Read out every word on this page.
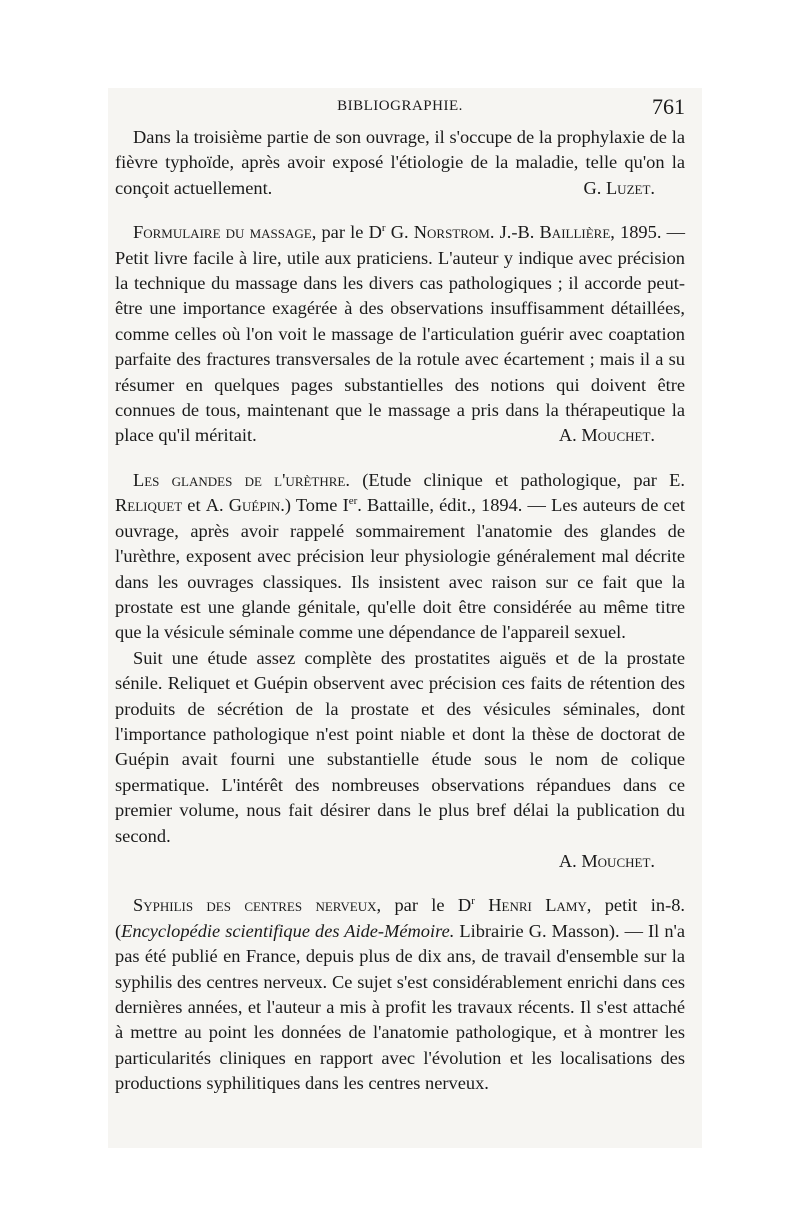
BIBLIOGRAPHIE.	761

Dans la troisième partie de son ouvrage, il s'occupe de la prophylaxie de la fièvre typhoïde, après avoir exposé l'étiologie de la maladie, telle qu'on la conçoit actuellement.	G. Luzet.

Formulaire du massage, par le $D^r$ G. Norstrom. J.-B. Baillière, 1895. — Petit livre facile à lire, utile aux praticiens. L'auteur y indique avec précision la technique du massage dans les divers cas pathologiques ; il accorde peut-être une importance exagérée à des observations insuffisamment détaillées, comme celles où l'on voit le massage de l'articulation guérir avec coaptation parfaite des fractures transversales de la rotule avec écartement ; mais il a su résumer en quelques pages substantielles des notions qui doivent être connues de tous, maintenant que le massage a pris dans la thérapeutique la place qu'il méritait.	A. Mouchet.

Les glandes de l'urèthre. (Etude clinique et pathologique, par E. Reliquet et A. Guépin.) Tome Ier. Battaille, édit., 1894. — Les auteurs de cet ouvrage, après avoir rappelé sommairement l'anatomie des glandes de l'urèthre, exposent avec précision leur physiologie généralement mal décrite dans les ouvrages classiques. Ils insistent avec raison sur ce fait que la prostate est une glande génitale, qu'elle doit être considérée au même titre que la vésicule séminale comme une dépendance de l'appareil sexuel.

Suit une étude assez complète des prostatites aiguës et de la prostate sénile. Reliquet et Guépin observent avec précision ces faits de rétention des produits de sécrétion de la prostate et des vésicules séminales, dont l'importance pathologique n'est point niable et dont la thèse de doctorat de Guépin avait fourni une substantielle étude sous le nom de colique spermatique. L'intérêt des nombreuses observations répandues dans ce premier volume, nous fait désirer dans le plus bref délai la publication du second.

A. Mouchet.

Syphilis des centres nerveux, par le $D^r$ Henri Lamy, petit in-8. (Encyclopédie scientifique des Aide-Mémoire. Librairie G. Masson). — Il n'a pas été publié en France, depuis plus de dix ans, de travail d'ensemble sur la syphilis des centres nerveux. Ce sujet s'est considérablement enrichi dans ces dernières années, et l'auteur a mis à profit les travaux récents. Il s'est attaché à mettre au point les données de l'anatomie pathologique, et à montrer les particularités cliniques en rapport avec l'évolution et les localisations des productions syphilitiques dans les centres nerveux.
